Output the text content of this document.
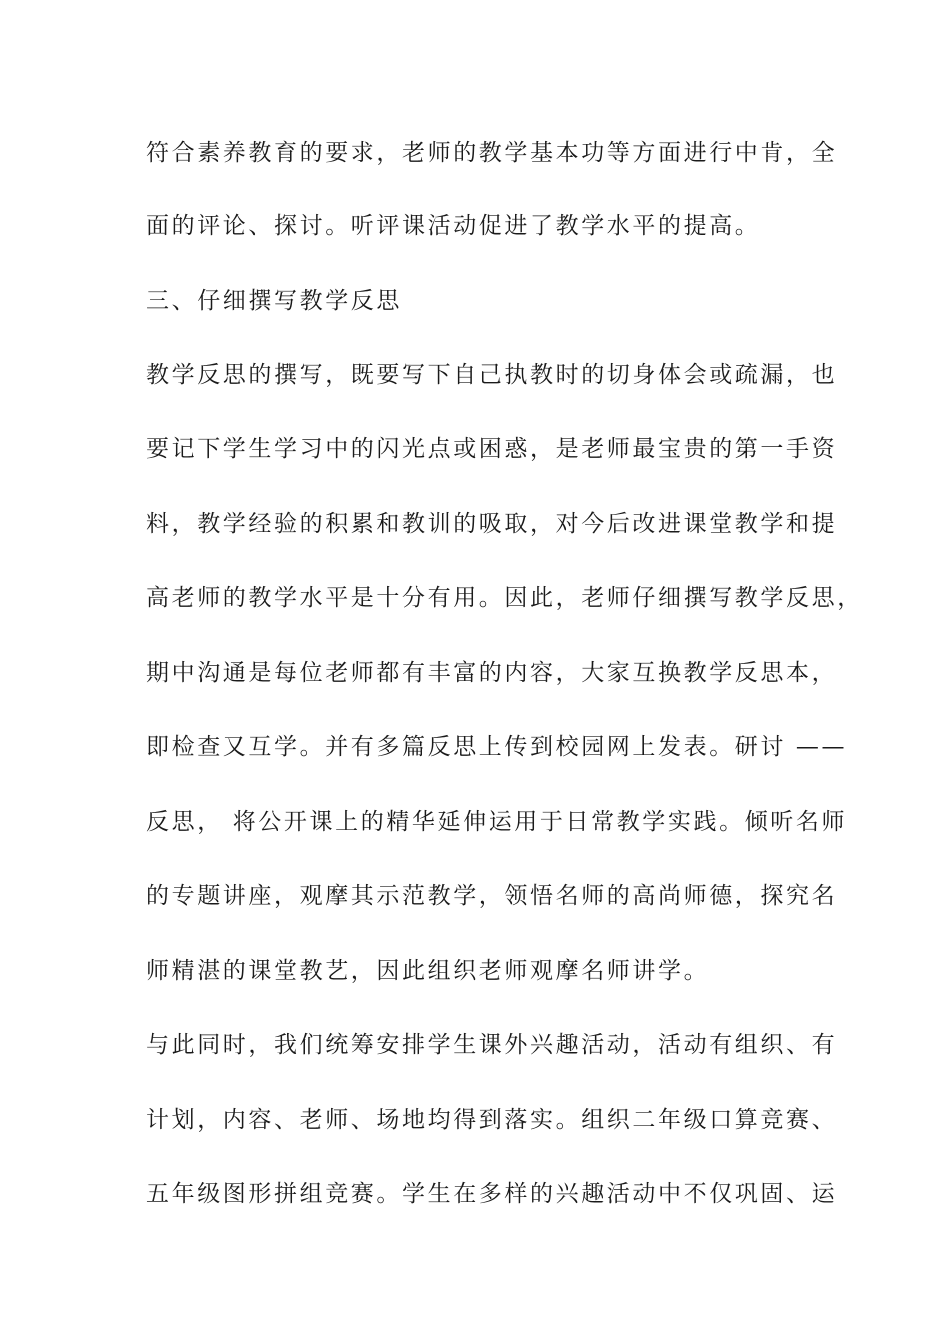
符合素养教育的要求，老师的教学基本功等方面进行中肯，全
面的评论、探讨。听评课活动促进了教学水平的提高。
三、仔细撰写教学反思
教学反思的撰写，既要写下自己执教时的切身体会或疏漏，也
要记下学生学习中的闪光点或困惑，是老师最宝贵的第一手资
料，教学经验的积累和教训的吸取，对今后改进课堂教学和提
高老师的教学水平是十分有用。因此，老师仔细撰写教学反思，
期中沟通是每位老师都有丰富的内容，大家互换教学反思本，
即检查又互学。并有多篇反思上传到校园网上发表。研讨 ——
反思， 将公开课上的精华延伸运用于日常教学实践。倾听名师
的专题讲座，观摩其示范教学，领悟名师的高尚师德，探究名
师精湛的课堂教艺，因此组织老师观摩名师讲学。
与此同时，我们统筹安排学生课外兴趣活动，活动有组织、有
计划，内容、老师、场地均得到落实。组织二年级口算竞赛、
五年级图形拼组竞赛。学生在多样的兴趣活动中不仅巩固、运
